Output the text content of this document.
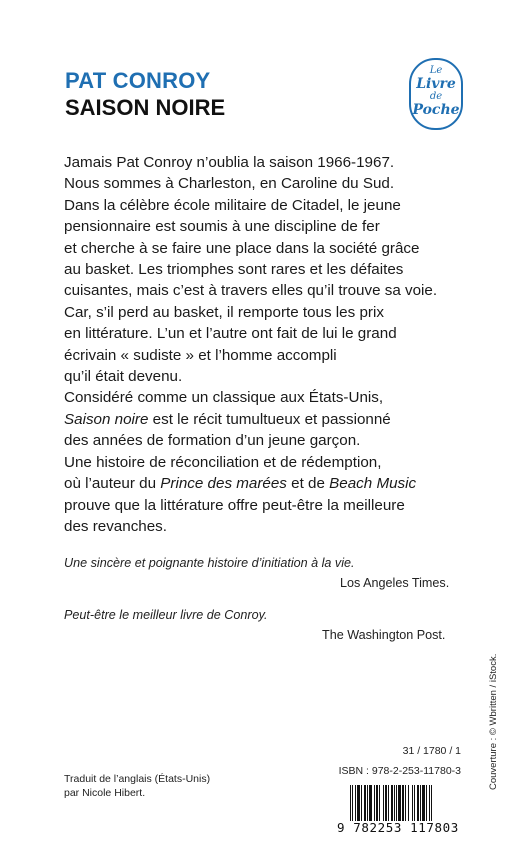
PAT CONROY
SAISON NOIRE
Le
Livre
de
Poche
Jamais Pat Conroy n’oublia la saison 1966-1967.
Nous sommes à Charleston, en Caroline du Sud.
Dans la célèbre école militaire de Citadel, le jeune
pensionnaire est soumis à une discipline de fer
et cherche à se faire une place dans la société grâce
au basket. Les triomphes sont rares et les défaites
cuisantes, mais c’est à travers elles qu’il trouve sa voie.
Car, s’il perd au basket, il remporte tous les prix
en littérature. L’un et l’autre ont fait de lui le grand
écrivain « sudiste » et l’homme accompli
qu’il était devenu.
Considéré comme un classique aux États-Unis,
Saison noire est le récit tumultueux et passionné
des années de formation d’un jeune garçon.
Une histoire de réconciliation et de rédemption,
où l’auteur du Prince des marées et de Beach Music
prouve que la littérature offre peut-être la meilleure
des revanches.
Une sincère et poignante histoire d’initiation à la vie.
Los Angeles Times.
Peut-être le meilleur livre de Conroy.
The Washington Post.
Couverture : © Wbritten / iStock.
31 / 1780 / 1
ISBN : 978-2-253-11780-3
Traduit de l’anglais (États-Unis)
par Nicole Hibert.
9 782253 117803
